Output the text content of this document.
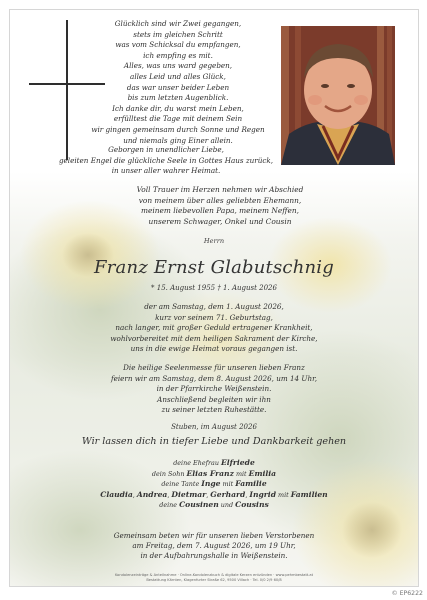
Glücklich sind wir Zwei gegangen,
stets im gleichen Schritt
was vom Schicksal du empfangen,
ich empfing es mit.
Alles, was uns ward gegeben,
alles Leid und alles Glück,
das war unser beider Leben
bis zum letzten Augenblick.
Ich danke dir, du warst mein Leben,
erfülltest die Tage mit deinem Sein
wir gingen gemeinsam durch Sonne und Regen
und niemals ging Einer allein.
Geborgen in unendlicher Liebe,
geleiten Engel die glückliche Seele in Gottes Haus zurück,
in unser aller wahrer Heimat.
Voll Trauer im Herzen nehmen wir Abschied
von meinem über alles geliebten Ehemann,
meinem liebevollen Papa, meinem Neffen,
unserem Schwager, Onkel und Cousin
Herrn
Franz Ernst Glabutschnig
* 15. August 1955 † 1. August 2026
der am Samstag, dem 1. August 2026,
kurz vor seinem 71. Geburtstag,
nach langer, mit großer Geduld ertragener Krankheit,
wohlvorbereitet mit dem heiligen Sakrament der Kirche,
uns in die ewige Heimat voraus gegangen ist.
Die heilige Seelenmesse für unseren lieben Franz
feiern wir am Samstag, dem 8. August 2026, um 14 Uhr,
in der Pfarrkirche Weißenstein.
Anschließend begleiten wir ihn
zu seiner letzten Ruhestätte.
Stuben, im August 2026
Wir lassen dich in tiefer Liebe und Dankbarkeit gehen
deine Ehefrau Elfriede
dein Sohn Elias Franz mit Emilia
deine Tante Inge mit Familie
Claudia, Andrea, Dietmar, Gerhard, Ingrid mit Familien
deine Cousinen und Cousins
Gemeinsam beten wir für unseren lieben Verstorbenen
am Freitag, dem 7. August 2026, um 19 Uhr,
in der Aufbahrungshalle in Weißenstein.
Kondolenzeinträge & Anteilnahme · Online-Kondolenzbuch & digitale Kerzen entzünden · www.pehmbestatt.at
Bestattung Kärnten, Klagenfurter Straße 62, 9500 Villach · Tel. 0/0 2/9 60/8
© EP6222
